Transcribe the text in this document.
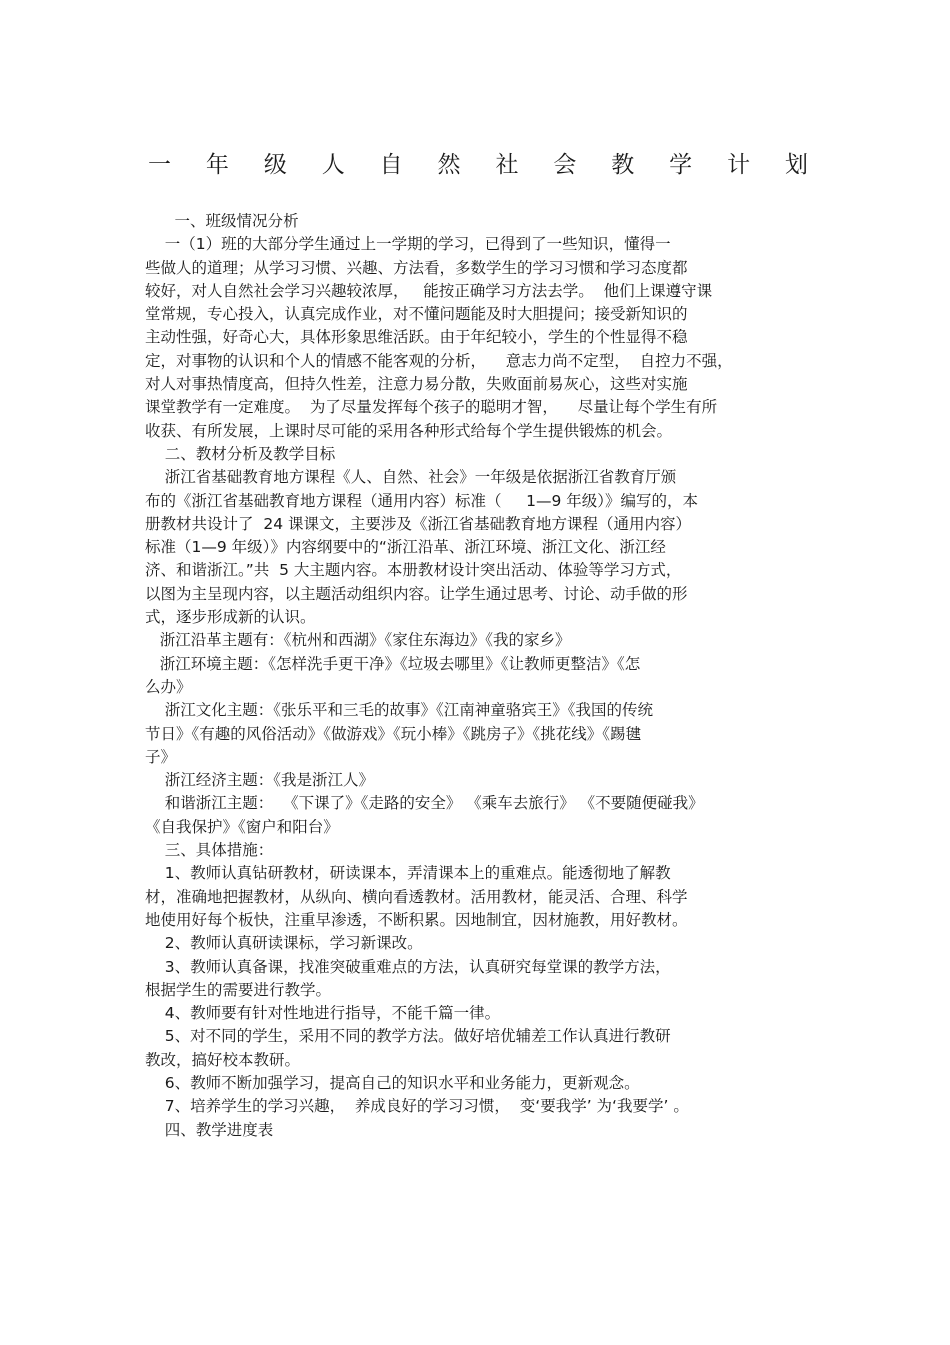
一 年 级 人 自 然 社 会 教 学 计 划
一、班级情况分析
一（1）班的大部分学生通过上一学期的学习，已得到了一些知识，懂得一
些做人的道理；从学习习惯、兴趣、方法看，多数学生的学习习惯和学习态度都
较好，对人自然社会学习兴趣较浓厚，   能按正确学习方法去学。  他们上课遵守课
堂常规，专心投入，认真完成作业，对不懂问题能及时大胆提问；接受新知识的
主动性强，好奇心大，具体形象思维活跃。由于年纪较小，学生的个性显得不稳
定，对事物的认识和个人的情感不能客观的分析，    意志力尚不定型，  自控力不强，
对人对事热情度高，但持久性差，注意力易分散，失败面前易灰心，这些对实施
课堂教学有一定难度。  为了尽量发挥每个孩子的聪明才智，    尽量让每个学生有所
收获、有所发展，上课时尽可能的采用各种形式给每个学生提供锻炼的机会。
二、教材分析及教学目标
浙江省基础教育地方课程《人、自然、社会》一年级是依据浙江省教育厅颁
布的《浙江省基础教育地方课程（通用内容）标准（     1—9 年级）》编写的，本
册教材共设计了  24 课课文，主要涉及《浙江省基础教育地方课程（通用内容）
标准（1—9 年级）》内容纲要中的“浙江沿革、浙江环境、浙江文化、浙江经
济、和谐浙江。”共  5 大主题内容。本册教材设计突出活动、体验等学习方式，
以图为主呈现内容，以主题活动组织内容。让学生通过思考、讨论、动手做的形
式，逐步形成新的认识。
浙江沿革主题有：《杭州和西湖》《家住东海边》《我的家乡》
浙江环境主题：《怎样洗手更干净》《垃圾去哪里》《让教师更整洁》《怎
么办》
浙江文化主题：《张乐平和三毛的故事》《江南神童骆宾王》《我国的传统
节日》《有趣的风俗活动》《做游戏》《玩小棒》《跳房子》《挑花线》《踢毽
子》
浙江经济主题：《我是浙江人》
和谐浙江主题：  《下课了》《走路的安全》 《乘车去旅行》 《不要随便碰我》
《自我保护》《窗户和阳台》
三、具体措施：
1、教师认真钻研教材，研读课本，弄清课本上的重难点。能透彻地了解教
材，准确地把握教材，从纵向、横向看透教材。活用教材，能灵活、合理、科学
地使用好每个板快，注重早渗透，不断积累。因地制宜，因材施教，用好教材。
2、教师认真研读课标，学习新课改。
3、教师认真备课，找准突破重难点的方法，认真研究每堂课的教学方法，
根据学生的需要进行教学。
4、教师要有针对性地进行指导，不能千篇一律。
5、对不同的学生，采用不同的教学方法。做好培优辅差工作认真进行教研
教改，搞好校本教研。
6、教师不断加强学习，提高自己的知识水平和业务能力，更新观念。
7、培养学生的学习兴趣，  养成良好的学习习惯，  变‘要我学’ 为‘我要学’ 。
四、教学进度表
